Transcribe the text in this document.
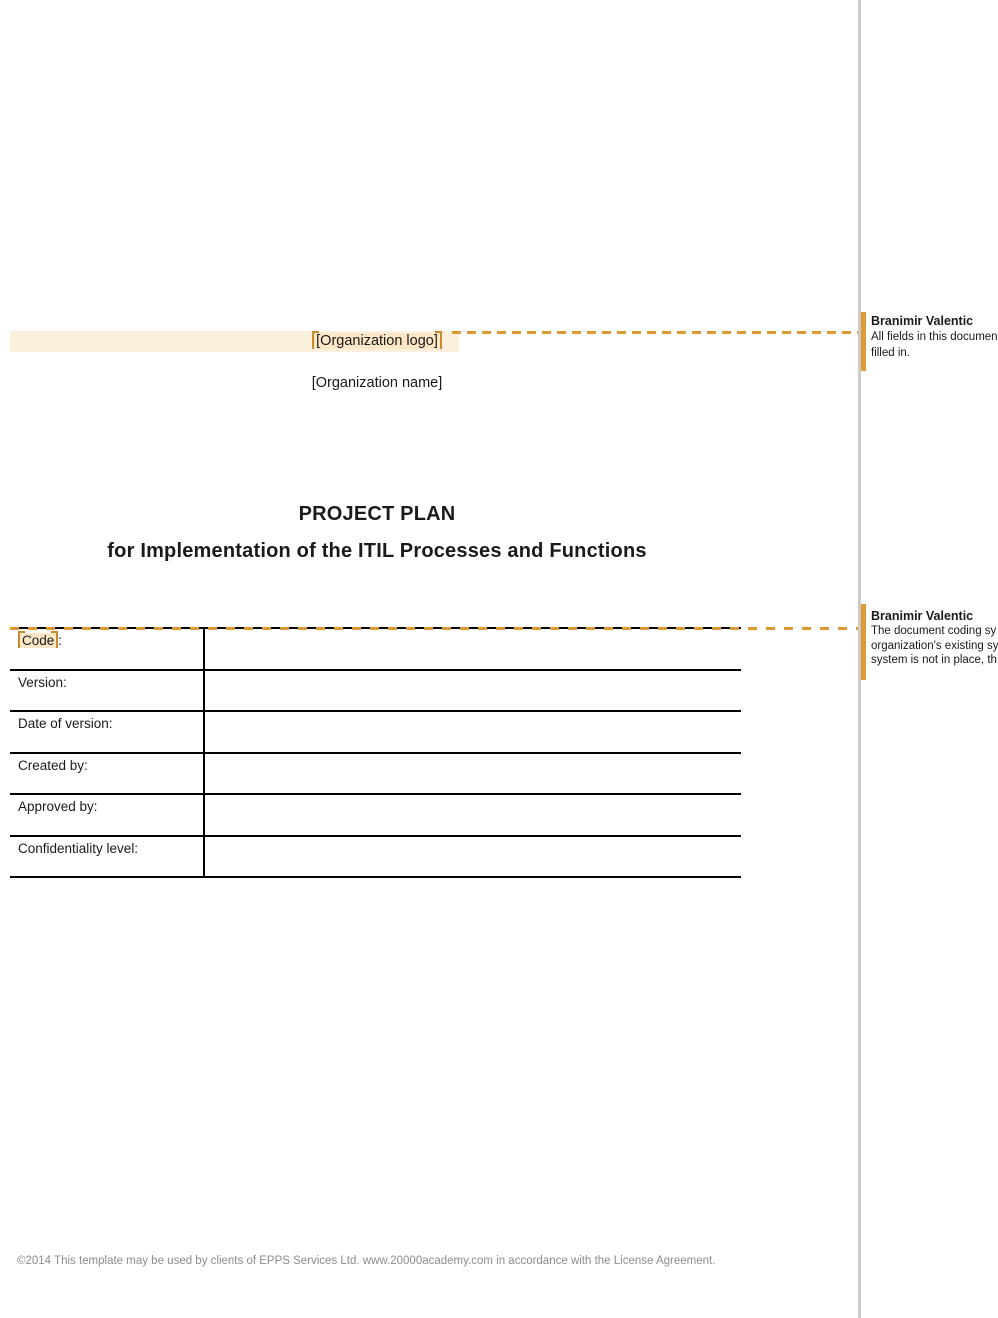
[Organization logo]
[Organization name]
PROJECT PLAN
for Implementation of the ITIL Processes and Functions
Code :
Version:
Date of version:
Created by:
Approved by:
Confidentiality level:
Branimir Valentic
All fields in this documen
filled in.
Branimir Valentic
The document coding sy
organization's existing sy
system is not in place, th
©2014 This template may be used by clients of EPPS Services Ltd. www.20000academy.com in accordance with the License Agreement.
